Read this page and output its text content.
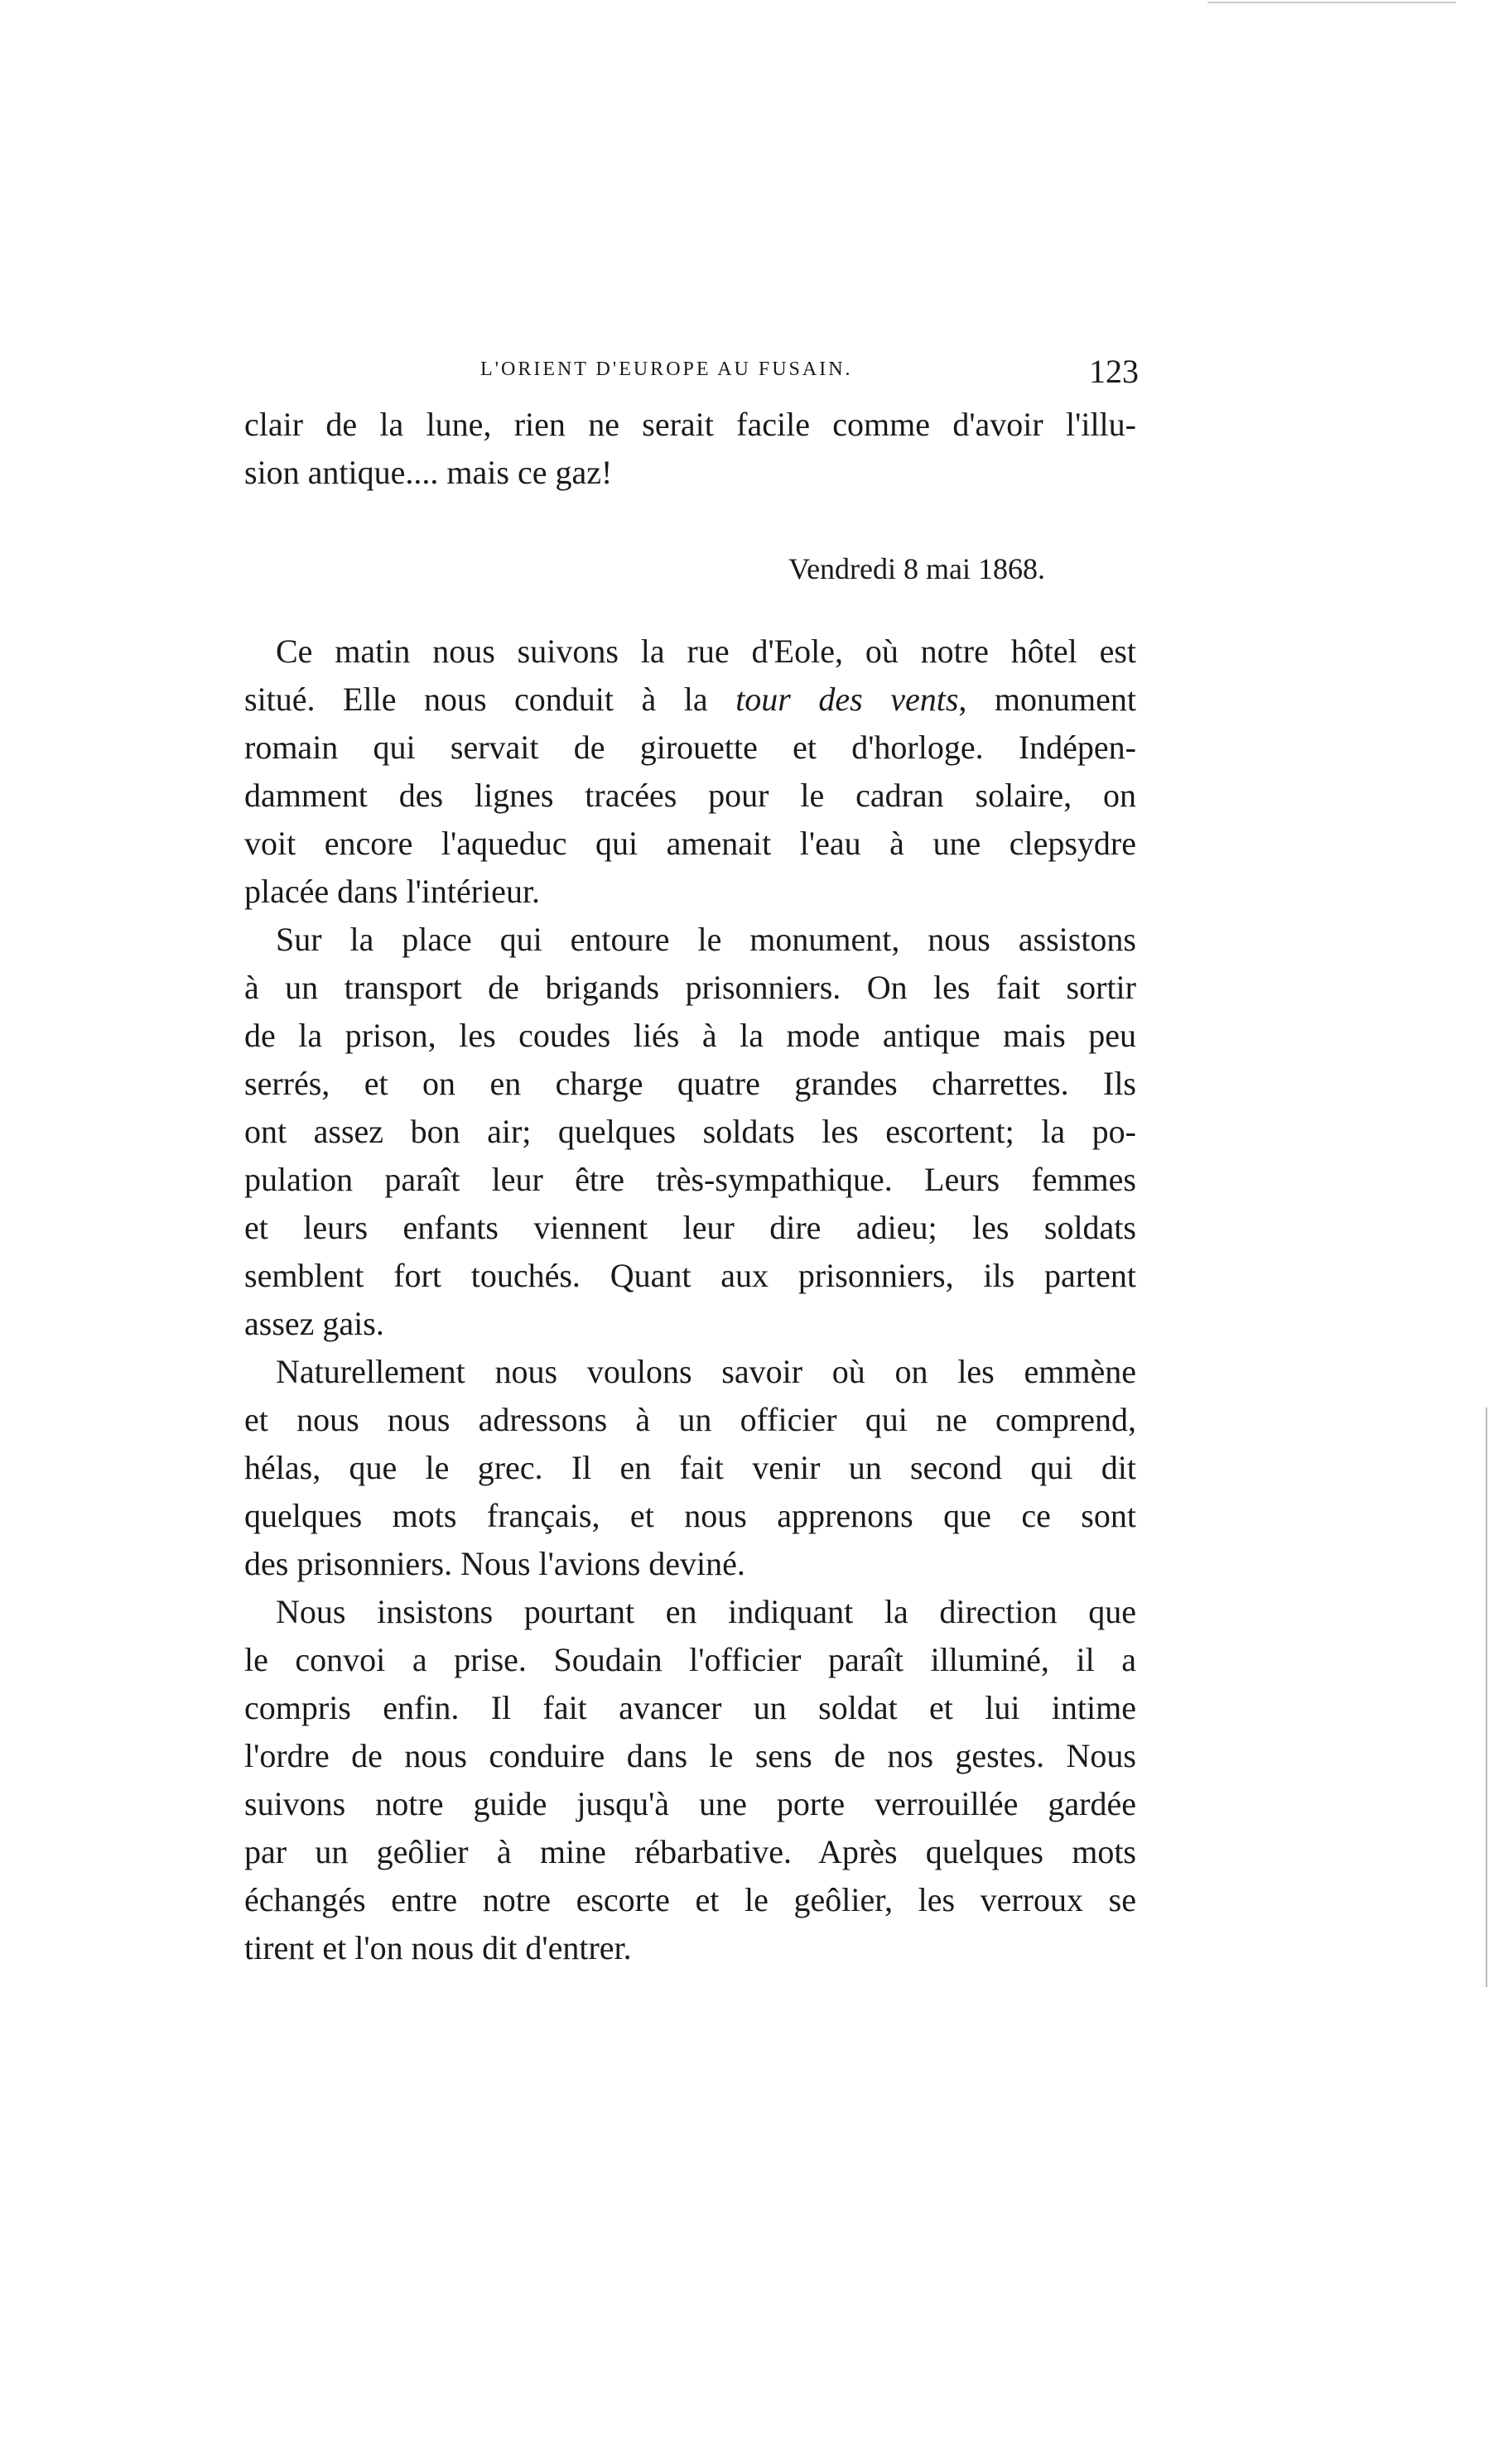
L'ORIENT D'EUROPE AU FUSAIN.	123
clair de la lune, rien ne serait facile comme d'avoir l'illu-
sion antique.... mais ce gaz!
Vendredi 8 mai 1868.
Ce matin nous suivons la rue d'Eole, où notre hôtel est
situé. Elle nous conduit à la tour des vents, monument
romain qui servait de girouette et d'horloge. Indépen-
damment des lignes tracées pour le cadran solaire, on
voit encore l'aqueduc qui amenait l'eau à une clepsydre
placée dans l'intérieur.
Sur la place qui entoure le monument, nous assistons
à un transport de brigands prisonniers. On les fait sortir
de la prison, les coudes liés à la mode antique mais peu
serrés, et on en charge quatre grandes charrettes. Ils
ont assez bon air; quelques soldats les escortent; la po-
pulation paraît leur être très-sympathique. Leurs femmes
et leurs enfants viennent leur dire adieu; les soldats
semblent fort touchés. Quant aux prisonniers, ils partent
assez gais.
Naturellement nous voulons savoir où on les emmène
et nous nous adressons à un officier qui ne comprend,
hélas, que le grec. Il en fait venir un second qui dit
quelques mots français, et nous apprenons que ce sont
des prisonniers. Nous l'avions deviné.
Nous insistons pourtant en indiquant la direction que
le convoi a prise. Soudain l'officier paraît illuminé, il a
compris enfin. Il fait avancer un soldat et lui intime
l'ordre de nous conduire dans le sens de nos gestes. Nous
suivons notre guide jusqu'à une porte verrouillée gardée
par un geôlier à mine rébarbative. Après quelques mots
échangés entre notre escorte et le geôlier, les verroux se
tirent et l'on nous dit d'entrer.
